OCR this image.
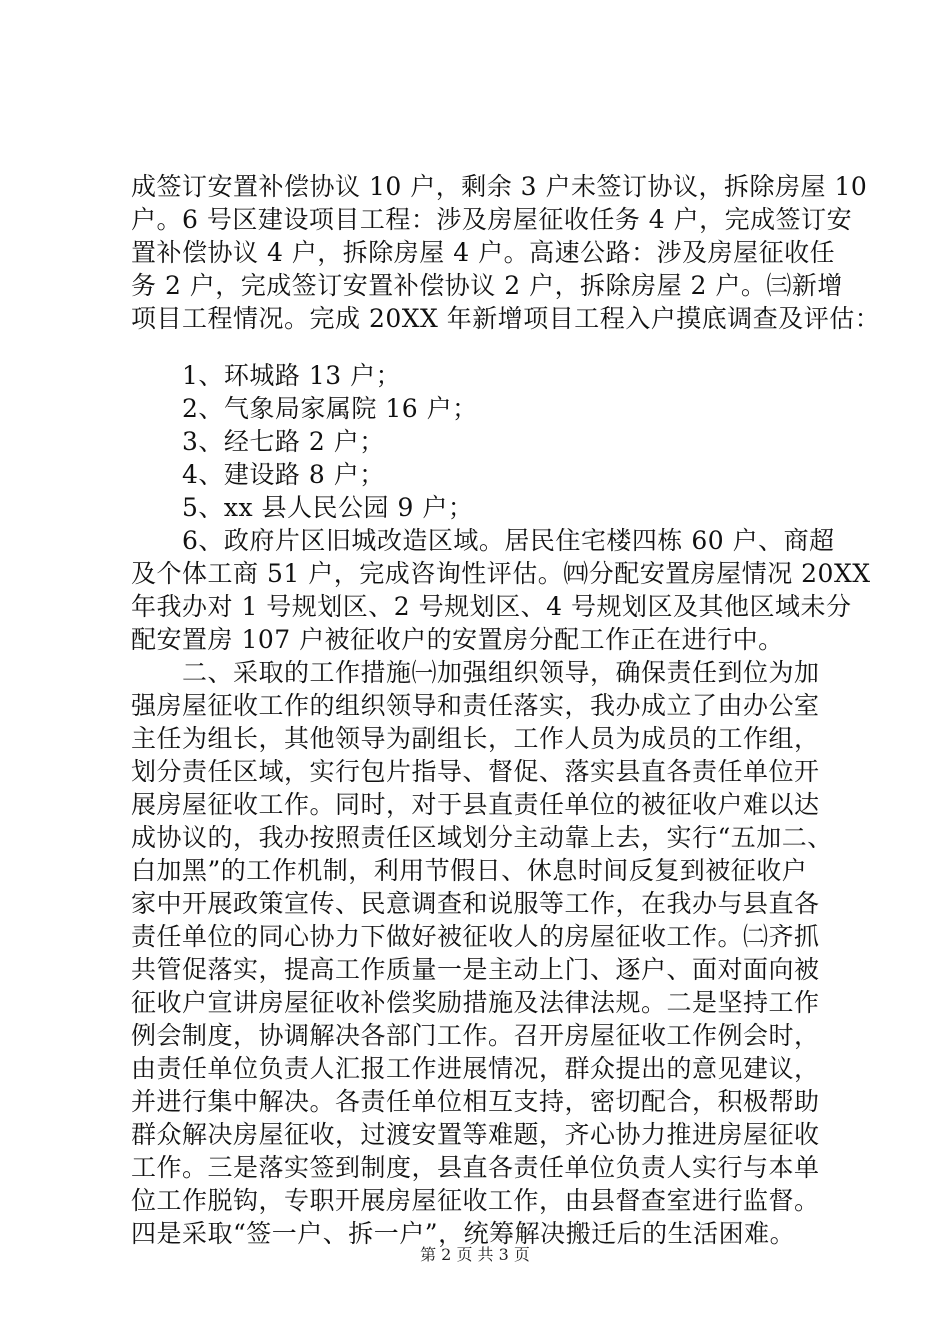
成签订安置补偿协议 10 户，剩余 3 户未签订协议，拆除房屋 10
户。6 号区建设项目工程：涉及房屋征收任务 4 户，完成签订安
置补偿协议 4 户，拆除房屋 4 户。高速公路：涉及房屋征收任
务 2 户，完成签订安置补偿协议 2 户，拆除房屋 2 户。㈢新增
项目工程情况。完成 20XX 年新增项目工程入户摸底调查及评估：
　　1、环城路 13 户；
　　2、气象局家属院 16 户；
　　3、经七路 2 户；
　　4、建设路 8 户；
　　5、xx 县人民公园 9 户；
　　6、政府片区旧城改造区域。居民住宅楼四栋 60 户、商超
及个体工商 51 户，完成咨询性评估。㈣分配安置房屋情况 20XX
年我办对 1 号规划区、2 号规划区、4 号规划区及其他区域未分
配安置房 107 户被征收户的安置房分配工作正在进行中。
　　二、采取的工作措施㈠加强组织领导，确保责任到位为加
强房屋征收工作的组织领导和责任落实，我办成立了由办公室
主任为组长，其他领导为副组长，工作人员为成员的工作组，
划分责任区域，实行包片指导、督促、落实县直各责任单位开
展房屋征收工作。同时，对于县直责任单位的被征收户难以达
成协议的，我办按照责任区域划分主动靠上去，实行“五加二、
白加黑”的工作机制，利用节假日、休息时间反复到被征收户
家中开展政策宣传、民意调查和说服等工作，在我办与县直各
责任单位的同心协力下做好被征收人的房屋征收工作。㈡齐抓
共管促落实，提高工作质量一是主动上门、逐户、面对面向被
征收户宣讲房屋征收补偿奖励措施及法律法规。二是坚持工作
例会制度，协调解决各部门工作。召开房屋征收工作例会时，
由责任单位负责人汇报工作进展情况，群众提出的意见建议，
并进行集中解决。各责任单位相互支持，密切配合，积极帮助
群众解决房屋征收，过渡安置等难题，齐心协力推进房屋征收
工作。三是落实签到制度，县直各责任单位负责人实行与本单
位工作脱钩，专职开展房屋征收工作，由县督查室进行监督。
四是采取“签一户、拆一户”，统筹解决搬迁后的生活困难。
第 2 页 共 3 页
